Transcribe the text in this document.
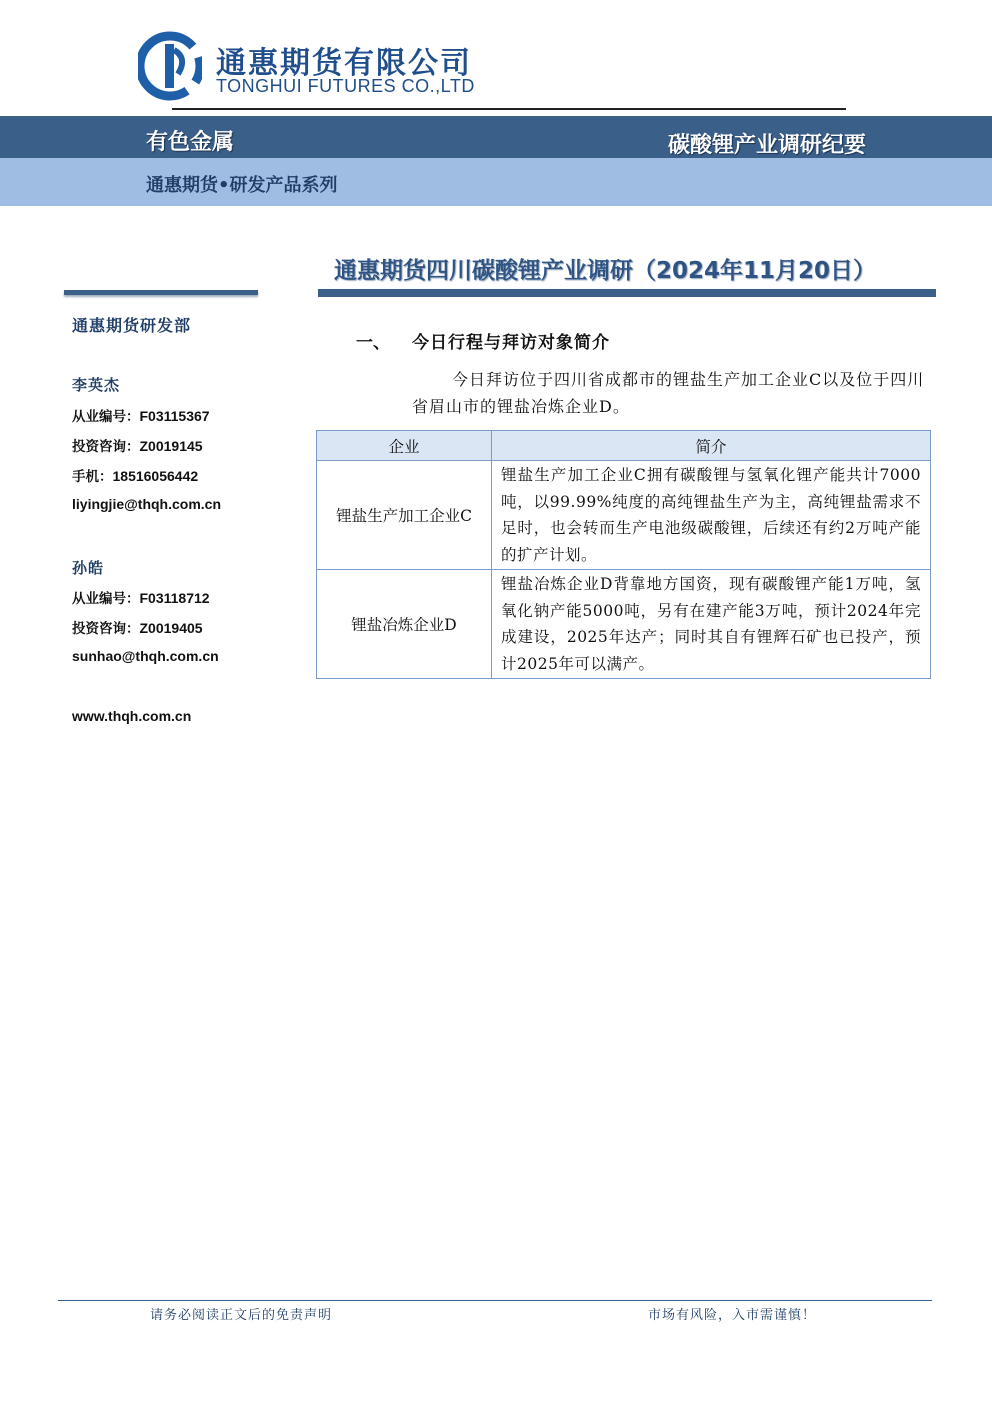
通惠期货有限公司
TONGHUI FUTURES CO.,LTD
有色金属	碳酸锂产业调研纪要
通惠期货•研发产品系列
通惠期货四川碳酸锂产业调研（2024年11月20日）
通惠期货研发部
李英杰
从业编号：F03115367
投资咨询：Z0019145
手机：18516056442
liyingjie@thqh.com.cn
孙皓
从业编号：F03118712
投资咨询：Z0019405
sunhao@thqh.com.cn
www.thqh.com.cn
一、 今日行程与拜访对象简介

今日拜访位于四川省成都市的锂盐生产加工企业C以及位于四川省眉山市的锂盐冶炼企业D。

企业	简介
锂盐生产加工企业C	锂盐生产加工企业C拥有碳酸锂与氢氧化锂产能共计7000吨，以99.99%纯度的高纯锂盐生产为主，高纯锂盐需求不足时，也会转而生产电池级碳酸锂，后续还有约2万吨产能的扩产计划。
锂盐冶炼企业D	锂盐冶炼企业D背靠地方国资，现有碳酸锂产能1万吨，氢氧化钠产能5000吨，另有在建产能3万吨，预计2024年完成建设，2025年达产；同时其自有锂辉石矿也已投产，预计2025年可以满产。
请务必阅读正文后的免责声明	市场有风险，入市需谨慎！
